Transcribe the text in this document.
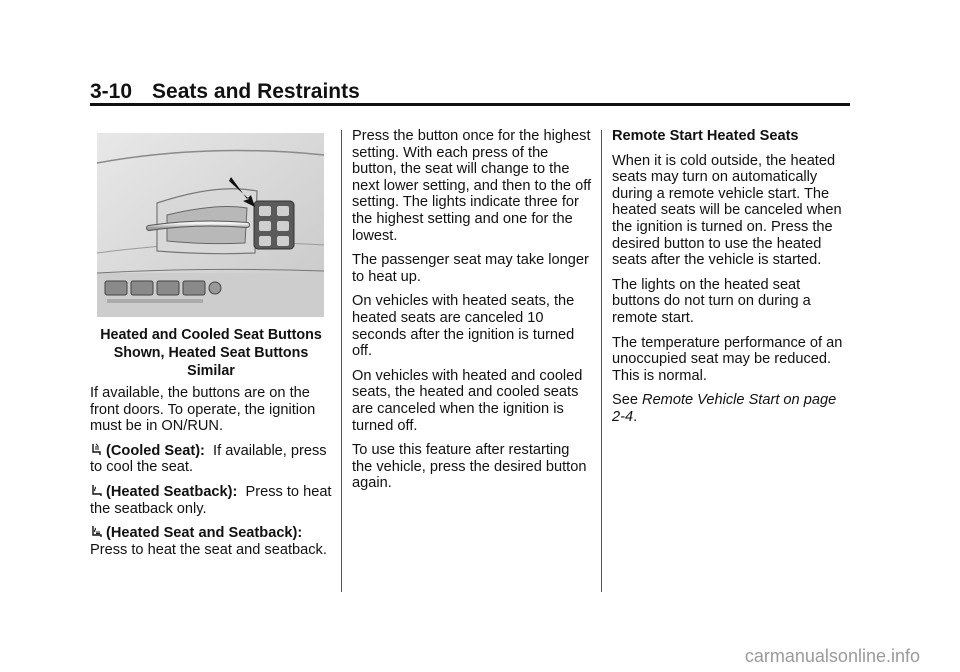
3-10 Seats and Restraints
Heated and Cooled Seat Buttons
Shown, Heated Seat Buttons
Similar

If available, the buttons are on the front doors. To operate, the ignition must be in ON/RUN.

(Cooled Seat): If available, press to cool the seat.

(Heated Seatback): Press to heat the seatback only.

(Heated Seat and Seatback):
Press to heat the seat and seatback.

Press the button once for the highest setting. With each press of the button, the seat will change to the next lower setting, and then to the off setting. The lights indicate three for the highest setting and one for the lowest.

The passenger seat may take longer to heat up.

On vehicles with heated seats, the heated seats are canceled 10 seconds after the ignition is turned off.

On vehicles with heated and cooled seats, the heated and cooled seats are canceled when the ignition is turned off.

To use this feature after restarting the vehicle, press the desired button again.

Remote Start Heated Seats

When it is cold outside, the heated seats may turn on automatically during a remote vehicle start. The heated seats will be canceled when the ignition is turned on. Press the desired button to use the heated seats after the vehicle is started.

The lights on the heated seat buttons do not turn on during a remote start.

The temperature performance of an unoccupied seat may be reduced. This is normal.

See Remote Vehicle Start on page 2-4.

carmanualsonline.info
